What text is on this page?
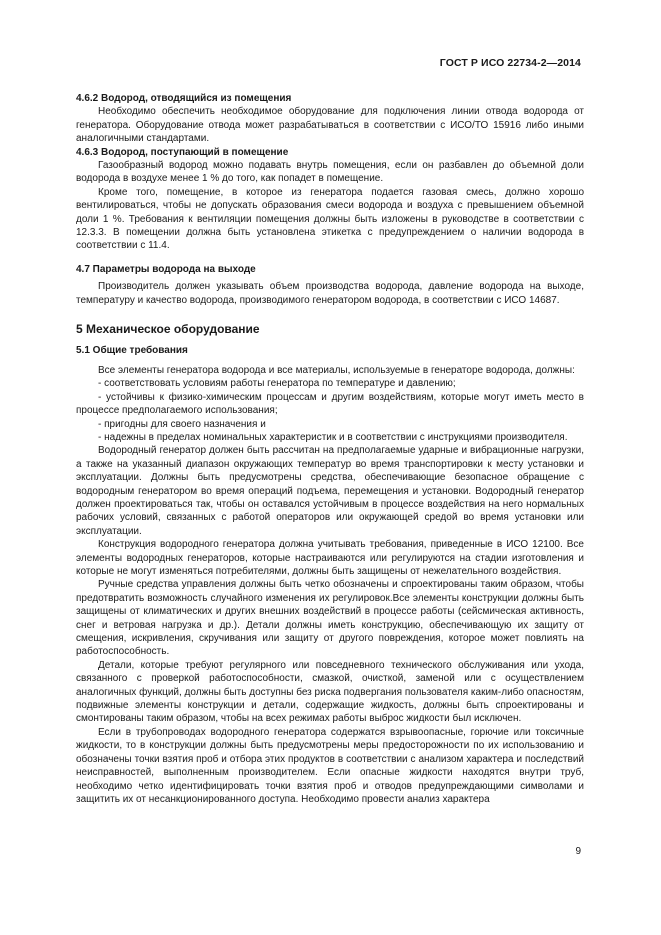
ГОСТ Р ИСО 22734-2—2014

4.6.2 Водород, отводящийся из помещения

Необходимо обеспечить необходимое оборудование для подключения линии отвода водорода от генератора. Оборудование отвода может разрабатываться в соответствии с ИСО/ТО 15916 либо иными аналогичными стандартами.

4.6.3 Водород, поступающий в помещение

Газообразный водород можно подавать внутрь помещения, если он разбавлен до объемной доли водорода в воздухе менее 1 % до того, как попадет в помещение.

Кроме того, помещение, в которое из генератора подается газовая смесь, должно хорошо вентилироваться, чтобы не допускать образования смеси водорода и воздуха с превышением объемной доли 1 %. Требования к вентиляции помещения должны быть изложены в руководстве в соответствии с 12.3.3. В помещении должна быть установлена этикетка с предупреждением о наличии водорода в соответствии с 11.4.

4.7 Параметры водорода на выходе

Производитель должен указывать объем производства водорода, давление водорода на выходе, температуру и качество водорода, производимого генератором водорода, в соответствии с ИСО 14687.

5 Механическое оборудование

5.1 Общие требования

Все элементы генератора водорода и все материалы, используемые в генераторе водорода, должны:

- соответствовать условиям работы генератора по температуре и давлению;

- устойчивы к физико-химическим процессам и другим воздействиям, которые могут иметь место в процессе предполагаемого использования;

- пригодны для своего назначения и

- надежны в пределах номинальных характеристик и в соответствии с инструкциями производителя.

Водородный генератор должен быть рассчитан на предполагаемые ударные и вибрационные нагрузки, а также на указанный диапазон окружающих температур во время транспортировки к месту установки и эксплуатации. Должны быть предусмотрены средства, обеспечивающие безопасное обращение с водородным генератором во время операций подъема, перемещения и установки. Водородный генератор должен проектироваться так, чтобы он оставался устойчивым в процессе воздействия на него нормальных рабочих условий, связанных с работой операторов или окружающей средой во время установки или эксплуатации.

Конструкция водородного генератора должна учитывать требования, приведенные в ИСО 12100. Все элементы водородных генераторов, которые настраиваются или регулируются на стадии изготовления и которые не могут изменяться потребителями, должны быть защищены от нежелательного воздействия.

Ручные средства управления должны быть четко обозначены и спроектированы таким образом, чтобы предотвратить возможность случайного изменения их регулировок.Все элементы конструкции должны быть защищены от климатических и других внешних воздействий в процессе работы (сейсмическая активность, снег и ветровая нагрузка и др.). Детали должны иметь конструкцию, обеспечивающую их защиту от смещения, искривления, скручивания или защиту от другого повреждения, которое может повлиять на работоспособность.

Детали, которые требуют регулярного или повседневного технического обслуживания или ухода, связанного с проверкой работоспособности, смазкой, очисткой, заменой или с осуществлением аналогичных функций, должны быть доступны без риска подвергания пользователя каким-либо опасностям, подвижные элементы конструкции и детали, содержащие жидкость, должны быть спроектированы и смонтированы таким образом, чтобы на всех режимах работы выброс жидкости был исключен.

Если в трубопроводах водородного генератора содержатся взрывоопасные, горючие или токсичные жидкости, то в конструкции должны быть предусмотрены меры предосторожности по их использованию и обозначены точки взятия проб и отбора этих продуктов в соответствии с анализом характера и последствий неисправностей, выполненным производителем. Если опасные жидкости находятся внутри труб, необходимо четко идентифицировать точки взятия проб и отводов предупреждающими символами и защитить их от несанкционированного доступа. Необходимо провести анализ характера

9
